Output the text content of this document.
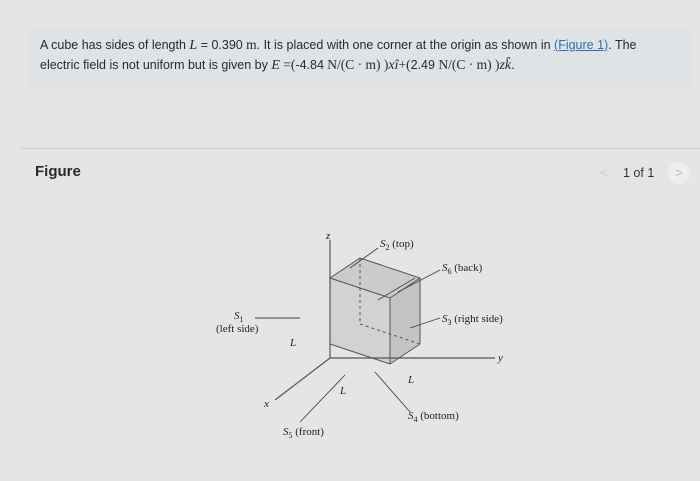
A cube has sides of length L = 0.390 m. It is placed with one corner at the origin as shown in (Figure 1). The
electric field is not uniform but is given by E =(-4.84 N/(C · m) )xî+(2.49 N/(C · m) )zk̂.
Figure	< 1 of 1	>
z
y
x
L
L
L
$S_2$ (top)
$S_6$ (back)
$S_1$
(left side)
$S_3$ (right side)
$S_4$ (bottom)
$S_5$ (front)
